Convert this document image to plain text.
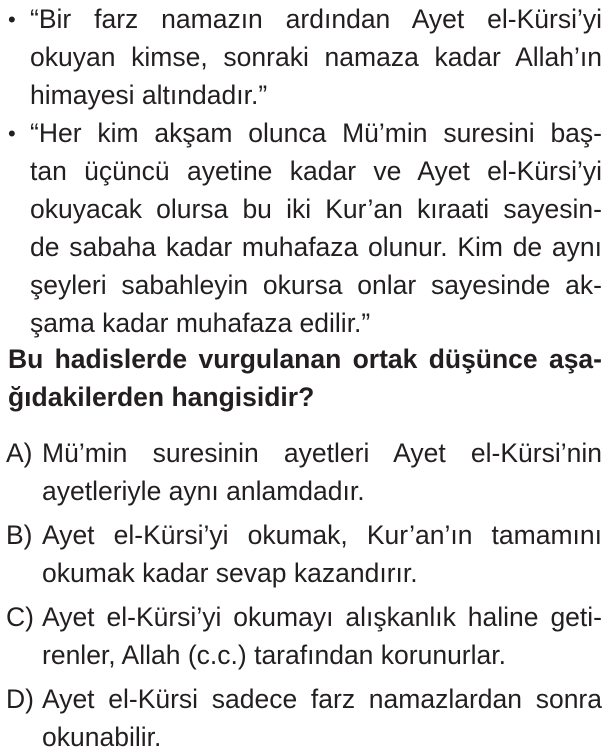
• “Bir farz namazın ardından Ayet el-Kürsi’yi
okuyan kimse, sonraki namaza kadar Allah’ın
himayesi altındadır.”
• “Her kim akşam olunca Mü’min suresini baş-
tan üçüncü ayetine kadar ve Ayet el-Kürsi’yi
okuyacak olursa bu iki Kur’an kıraati sayesin-
de sabaha kadar muhafaza olunur. Kim de aynı
şeyleri sabahleyin okursa onlar sayesinde ak-
şama kadar muhafaza edilir.”
Bu hadislerde vurgulanan ortak düşünce aşa-
ğıdakilerden hangisidir?
A) Mü’min suresinin ayetleri Ayet el-Kürsi’nin
ayetleriyle aynı anlamdadır.
B) Ayet el-Kürsi’yi okumak, Kur’an’ın tamamını
okumak kadar sevap kazandırır.
C) Ayet el-Kürsi’yi okumayı alışkanlık haline geti-
renler, Allah (c.c.) tarafından korunurlar.
D) Ayet el-Kürsi sadece farz namazlardan sonra
okunabilir.
